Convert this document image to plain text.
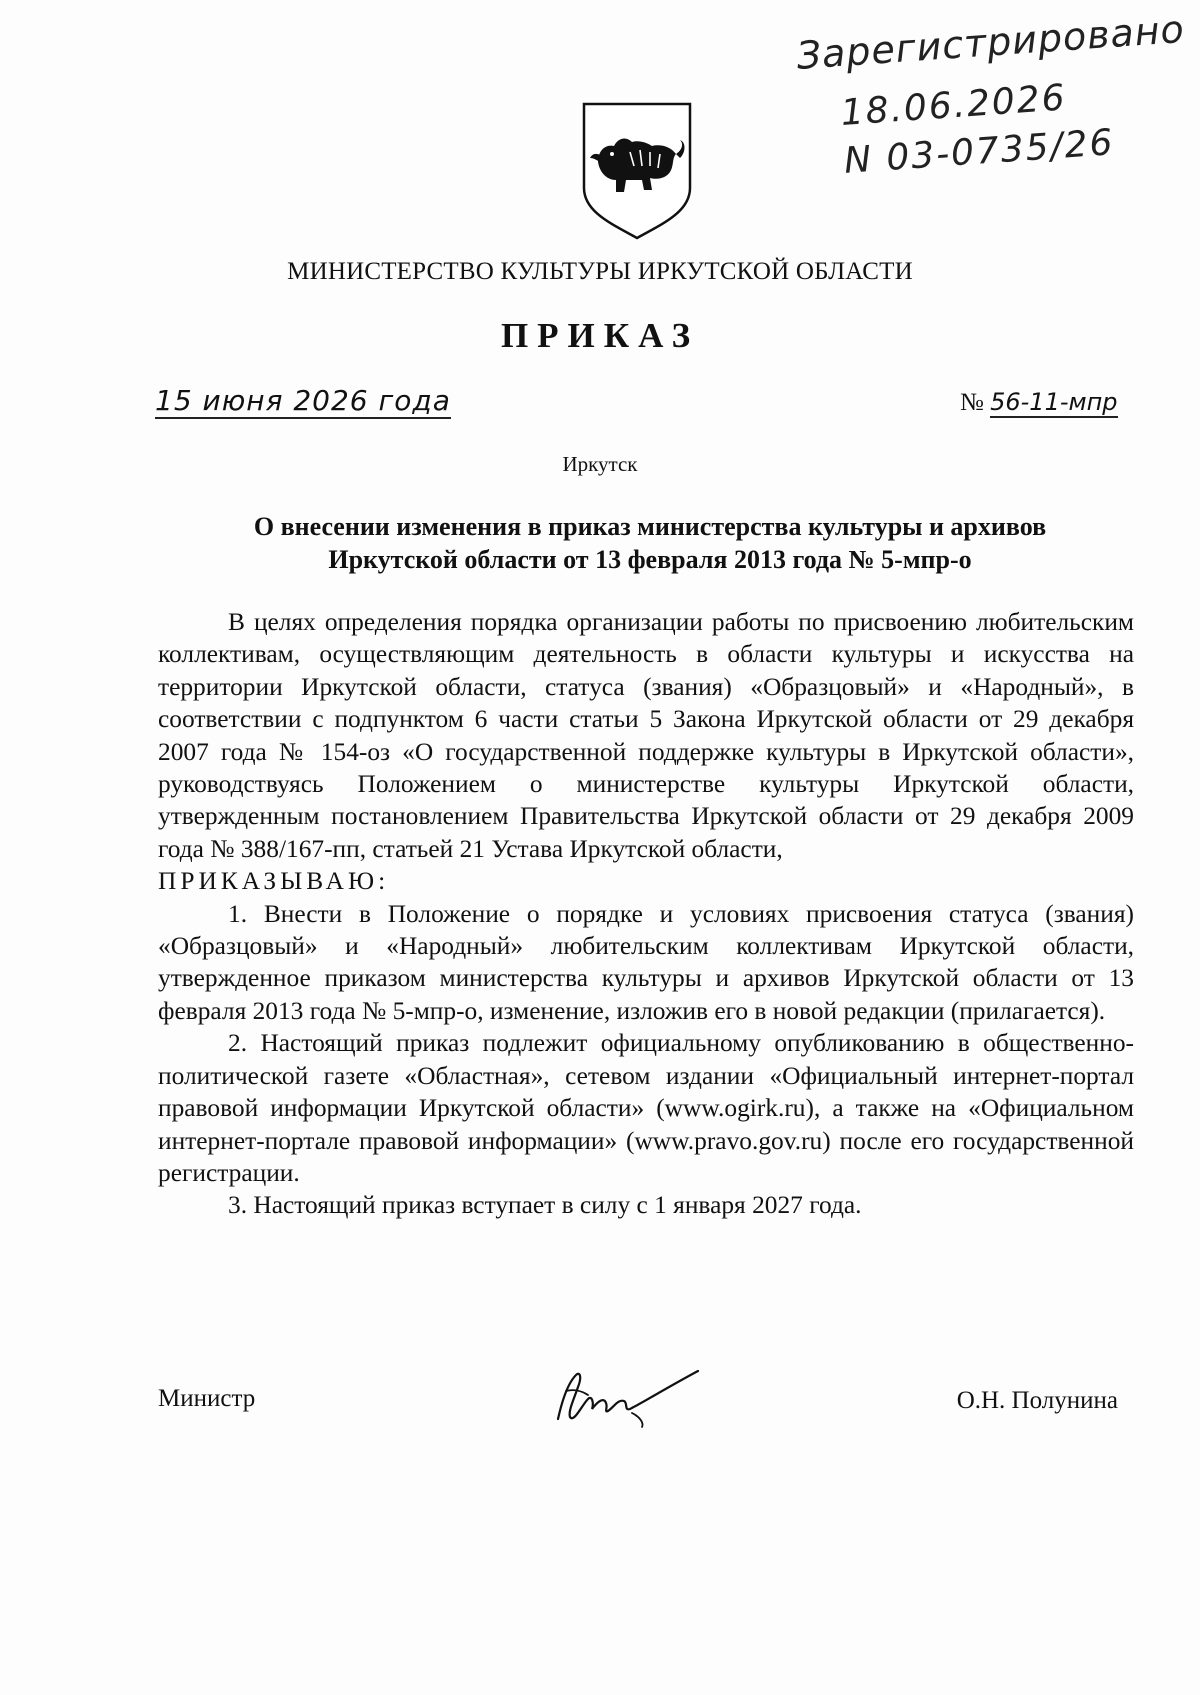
Зарегистрировано
18.06.2026
N 03-0735/26
МИНИСТЕРСТВО КУЛЬТУРЫ ИРКУТСКОЙ ОБЛАСТИ
ПРИКАЗ
15 июня 2026 года	№ 56-11-мпр
Иркутск
О внесении изменения в приказ министерства культуры и архивов
Иркутской области от 13 февраля 2013 года № 5-мпр-о

В целях определения порядка организации работы по присвоению любительским коллективам, осуществляющим деятельность в области культуры и искусства на территории Иркутской области, статуса (звания) «Образцовый» и «Народный», в соответствии с подпунктом 6 части статьи 5 Закона Иркутской области от 29 декабря 2007 года № 154-оз «О государственной поддержке культуры в Иркутской области», руководствуясь Положением о министерстве культуры Иркутской области, утвержденным постановлением Правительства Иркутской области от 29 декабря 2009 года № 388/167-пп, статьей 21 Устава Иркутской области,

ПРИКАЗЫВАЮ:

1. Внести в Положение о порядке и условиях присвоения статуса (звания) «Образцовый» и «Народный» любительским коллективам Иркутской области, утвержденное приказом министерства культуры и архивов Иркутской области от 13 февраля 2013 года № 5-мпр-о, изменение, изложив его в новой редакции (прилагается).

2. Настоящий приказ подлежит официальному опубликованию в общественно-политической газете «Областная», сетевом издании «Официальный интернет-портал правовой информации Иркутской области» (www.ogirk.ru), а также на «Официальном интернет-портале правовой информации» (www.pravo.gov.ru) после его государственной регистрации.

3. Настоящий приказ вступает в силу с 1 января 2027 года.

Министр	О.Н. Полунина
